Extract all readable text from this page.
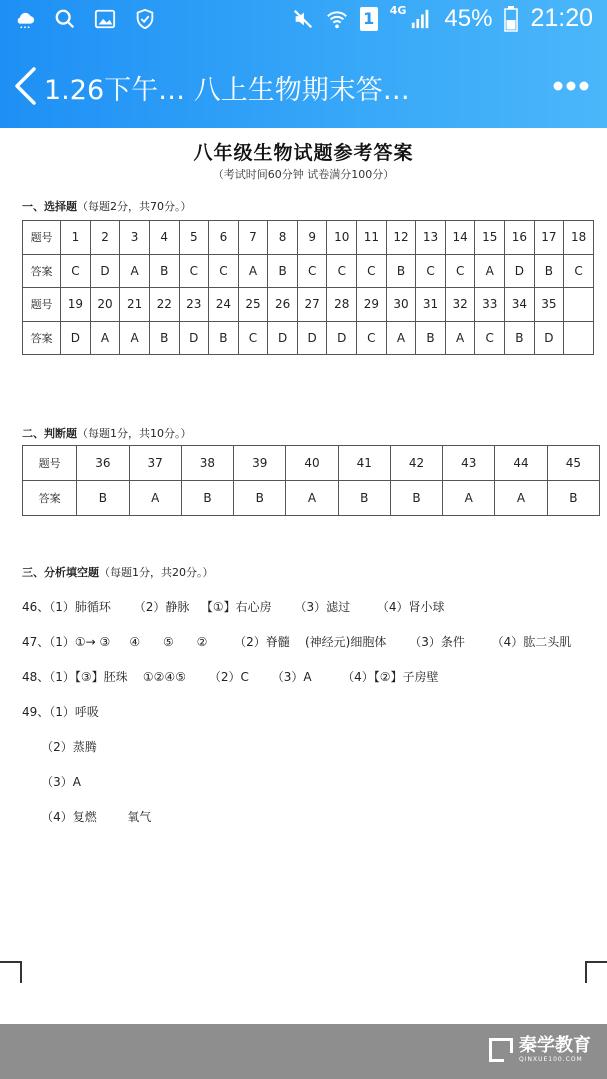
1	4G 45% 21:20
1.26下午… 八上生物期末答…
八年级生物试题参考答案
（考试时间60分钟 试卷满分100分）
一、选择题（每题2分，共70分。）
题号	1	2	3	4	5	6	7	8	9	10	11	12	13	14	15	16	17	18
答案	C	D	A	B	C	C	A	B	C	C	C	B	C	C	A	D	B	C
题号	19	20	21	22	23	24	25	26	27	28	29	30	31	32	33	34	35	
答案	D	A	A	B	D	B	C	D	D	D	C	A	B	A	C	B	D	
二、判断题（每题1分，共10分。）
题号	36	37	38	39	40	41	42	43	44	45
答案	B	A	B	B	A	B	B	A	A	B
三、分析填空题（每题1分，共20分。）
46、（1）肺循环      （2）静脉   【①】右心房      （3）滤过       （4）肾小球
47、（1）①→ ③     ④      ⑤      ②       （2）脊髓    (神经元)细胞体      （3）条件       （4）肱二头肌
48、（1）【③】胚珠    ①②④⑤      （2）C      （3）A        （4）【②】子房壁
49、（1）呼吸
（2）蒸腾
（3）A
（4）复燃        氧气
秦学教育
QINXUE100.COM
